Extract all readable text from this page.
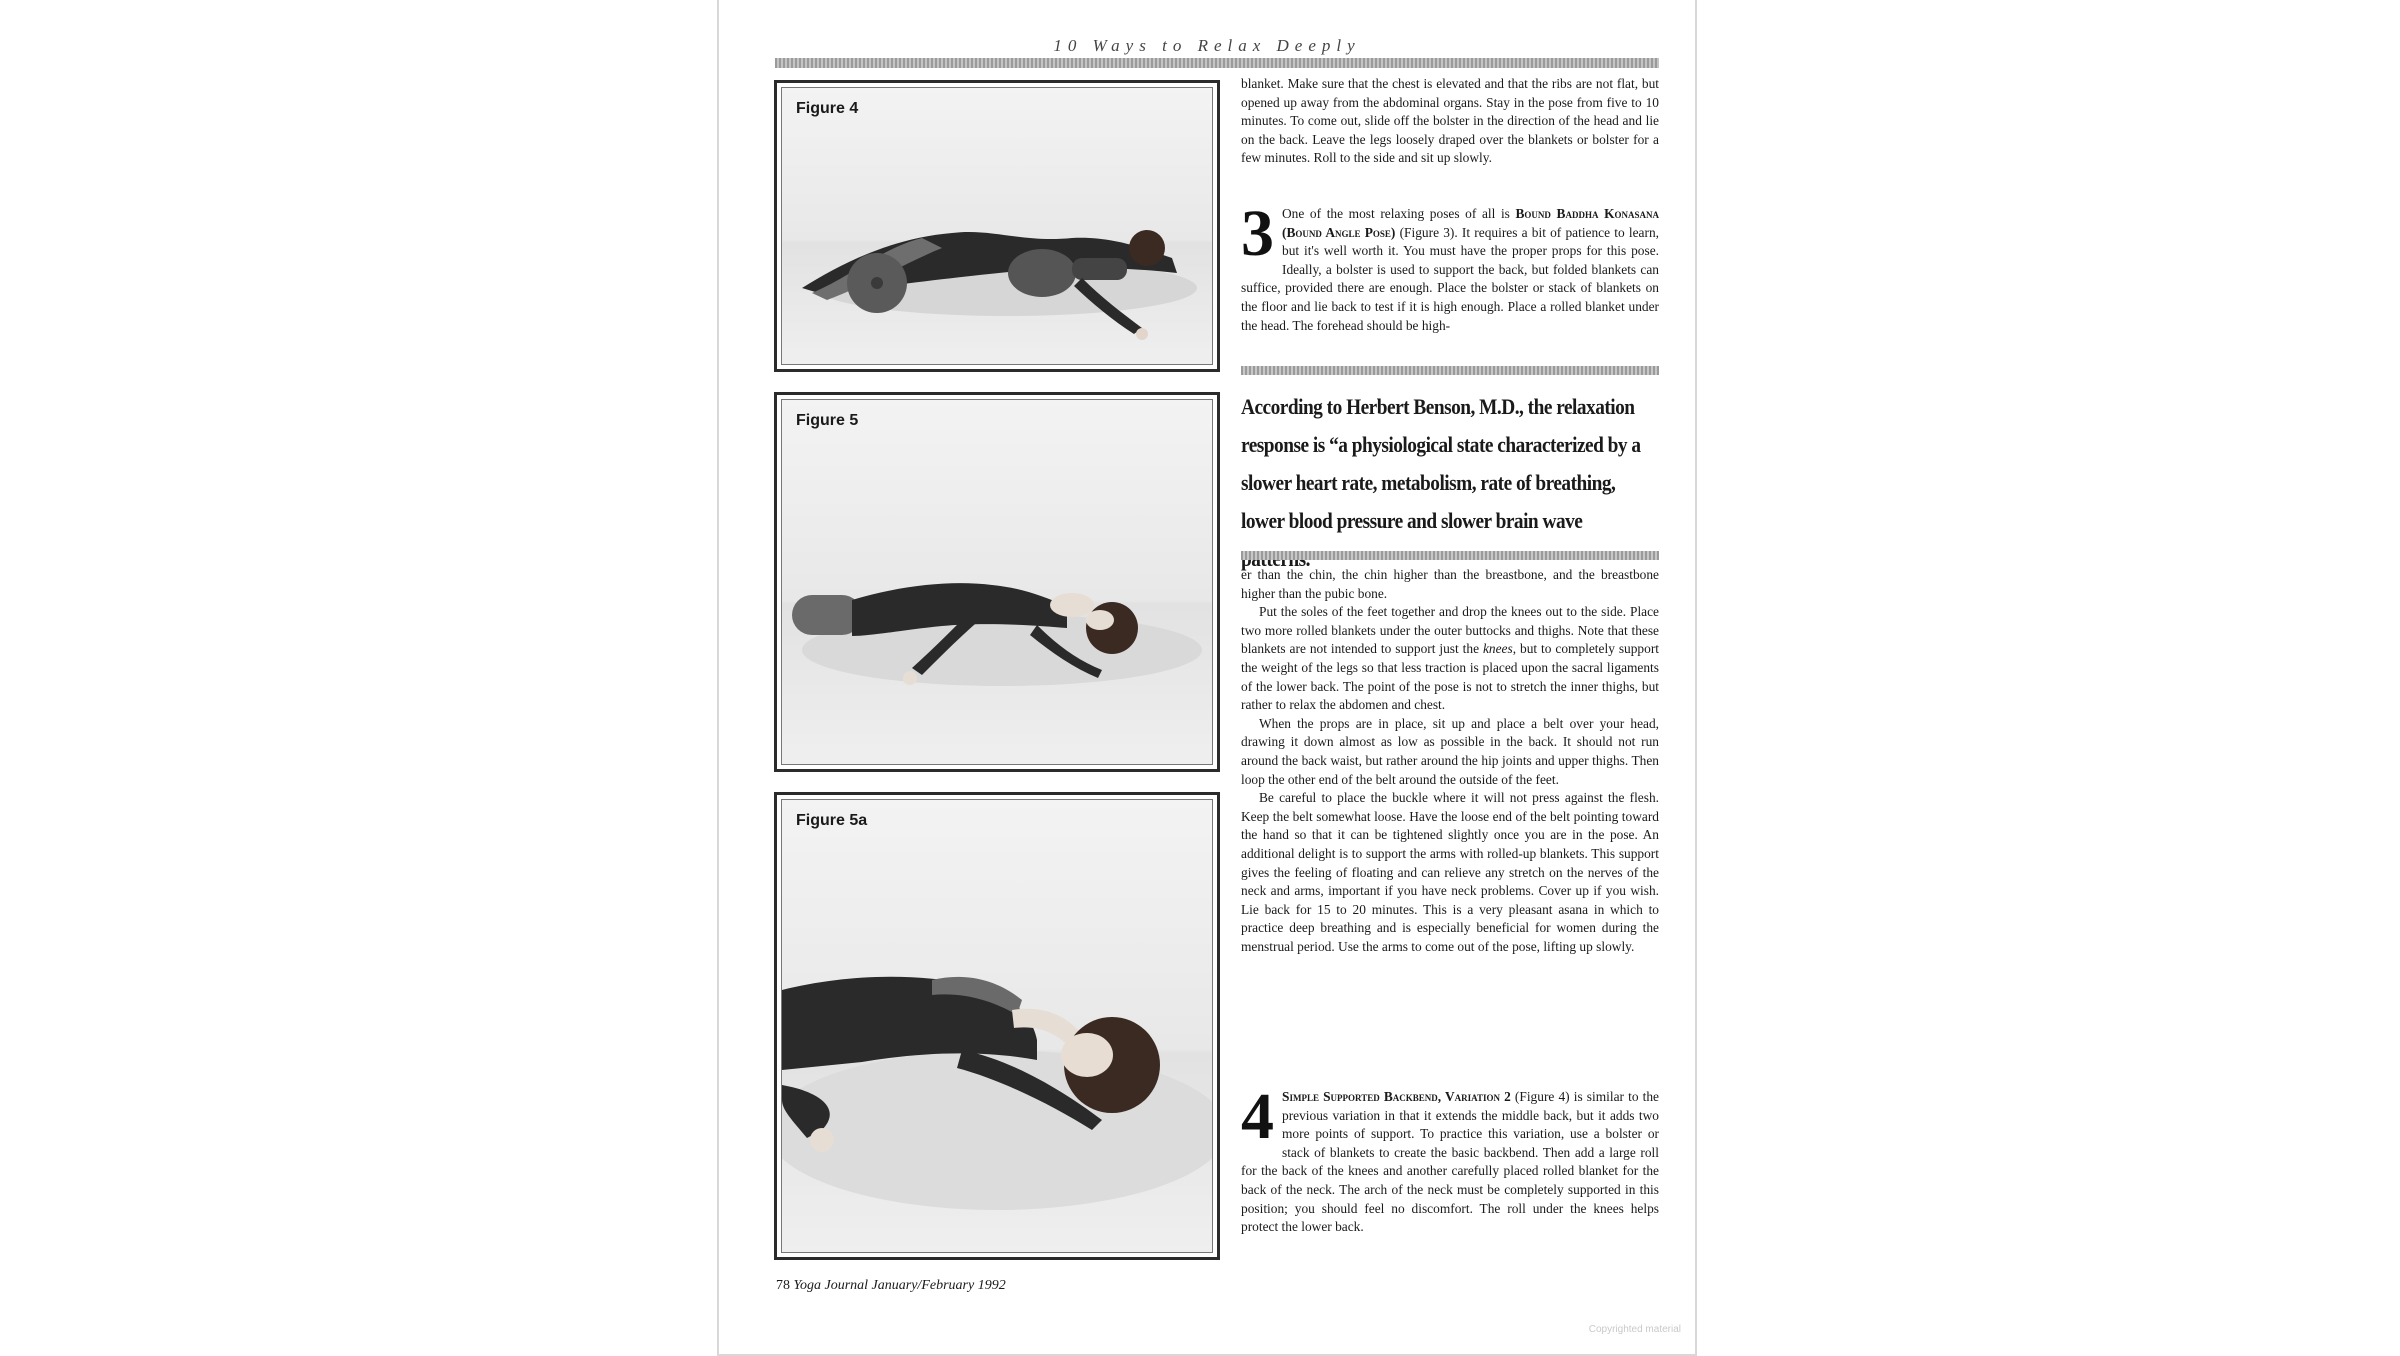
10 Ways to Relax Deeply
Figure 4
Figure 5
Figure 5a

blanket. Make sure that the chest is elevated and that the ribs are not flat, but opened up away from the abdominal organs. Stay in the pose from five to 10 minutes. To come out, slide off the bolster in the direction of the head and lie on the back. Leave the legs loosely draped over the blankets or bolster for a few minutes. Roll to the side and sit up slowly.

3 One of the most relaxing poses of all is Bound Baddha Konasana (Bound Angle Pose) (Figure 3). It requires a bit of patience to learn, but it's well worth it. You must have the proper props for this pose. Ideally, a bolster is used to support the back, but folded blankets can suffice, provided there are enough. Place the bolster or stack of blankets on the floor and lie back to test if it is high enough. Place a rolled blanket under the head. The forehead should be high-

According to Herbert Benson, M.D., the relaxation response is “a physiological state characterized by a slower heart rate, metabolism, rate of breathing, lower blood pressure and slower brain wave

er than the chin, the chin higher than the breastbone, and the breastbone higher than the pubic bone.

Put the soles of the feet together and drop the knees out to the side. Place two more rolled blankets under the outer buttocks and thighs. Note that these blankets are not intended to support just the knees, but to completely support the weight of the legs so that less traction is placed upon the sacral ligaments of the lower back. The point of the pose is not to stretch the inner thighs, but rather to relax the abdomen and chest.

When the props are in place, sit up and place a belt over your head, drawing it down almost as low as possible in the back. It should not run around the back waist, but rather around the hip joints and upper thighs. Then loop the other end of the belt around the outside of the feet.

Be careful to place the buckle where it will not press against the flesh. Keep the belt somewhat loose. Have the loose end of the belt pointing toward the hand so that it can be tightened slightly once you are in the pose. An additional delight is to support the arms with rolled-up blankets. This support gives the feeling of floating and can relieve any stretch on the nerves of the neck and arms, important if you have neck problems. Cover up if you wish. Lie back for 15 to 20 minutes. This is a very pleasant asana in which to practice deep breathing and is especially beneficial for women during the menstrual period. Use the arms to come out of the pose, lifting up slowly.

4 Simple Supported Backbend, Variation 2 (Figure 4) is similar to the previous variation in that it extends the middle back, but it adds two more points of support. To practice this variation, use a bolster or stack of blankets to create the basic backbend. Then add a large roll for the back of the knees and another carefully placed rolled blanket for the back of the neck. The arch of the neck must be completely supported in this position; you should feel no discomfort. The roll under the knees helps protect the lower back.

78 Yoga Journal January/February 1992
Copyrighted material
